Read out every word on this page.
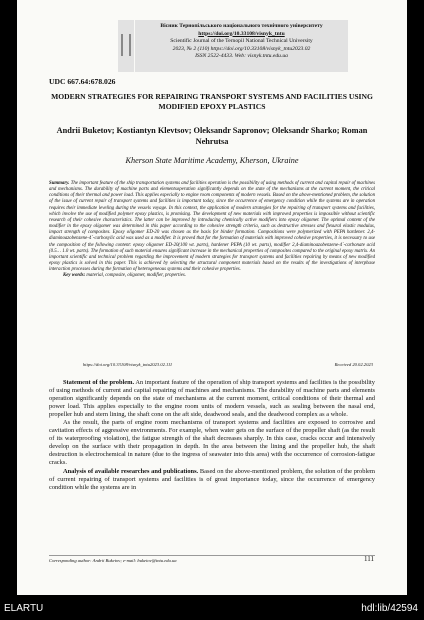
Вісник Тернопільського національного технічного університету
https://doi.org/10.33108/visnyk_tntu
Scientific Journal of the Ternopil National Technical University
2023, № 2 (110) https://doi.org/10.33108/visnyk_tntu2023.02
ISSN 2522-4433. Web: visnyk.tntu.edu.ua
UDC 667.64:678.026
MODERN STRATEGIES FOR REPAIRING TRANSPORT SYSTEMS AND FACILITIES USING MODIFIED EPOXY PLASTICS
Andrii Buketov; Kostiantyn Klevtsov; Oleksandr Sapronov; Oleksandr Sharko; Roman Nehrutsa
Kherson State Maritime Academy, Kherson, Ukraine
Summary. The important feature of the ship transportation systems and facilities operation is the possibility of using methods of current and capital repair of machines and mechanisms. The durability of machine parts and elementsoperation significantly depends on the state of the mechanisms at the current moment, the critical conditions of their thermal and power load. This applies especially to engine room components of modern vessels. Based on the above-mentioned problem, the solution of the issue of current repair of transport systems and facilities is important today, since the occurrence of emergency condition while the systems are in operation requires their immediate leveling during the vessels voyage. In this context, the application of modern strategies for the repairing of transport systems and facilities, which involve the use of modified polymer epoxy plastics, is promising. The development of new materials with improved properties is impossible without scientific research of their cohesive characteristics. The latter can be improved by introducing chemically active modifiers into epoxy oligomer. The optimal content of the modifier in the epoxy oligomer was determined in this paper according to the cohesive strength criteria, such as destructive stresses and flexural elastic modulus, impact strength of composites. Epoxy oligomer ED-20 was chosen as the basis for binder formation. Compositions were polymerized with PEPA hardener. 2,4-diaminoazobenzene-4`-carboxylic acid was used as a modifier. It is proved that for the formation of materials with improved cohesive properties, it is necessary to use the composition of the following content: epoxy oligomer ED-20(100 wt. parts), hardener PEPA (10 wt. parts), modifier 2,4-diaminoazobenzene-4`-carbonate acid (0.5… 1.0 wt. parts). The formation of such material ensures significant increase in the mechanical properties of composites compared to the original epoxy matrix. An important scientific and technical problem regarding the improvement of modern strategies for transport systems and facilities repairing by means of new modified epoxy plastics is solved in this paper. This is achieved by selecting the structural component materials based on the results of the investigations of interphase interaction processes during the formation of heterogeneous systems and their cohesive properties.
Key words: material, composite, oligomer, modifier, properties.
https://doi.org/10.33108/visnyk_tntu2023.02.111	Received 20.02.2023

Statement of the problem. An important feature of the operation of ship transport systems and facilities is the possibility of using methods of current and capital repairing of machines and mechanisms. The durability of machine parts and elements operation significantly depends on the state of mechanisms at the current moment, critical conditions of their thermal and power load. This applies especially to the engine room units of modern vessels, such as sealing between the nasal end, propeller hub and stern lining, the shaft cone on the aft side, deadwood seals, and the deadwood complex as a whole.

As the result, the parts of engine room mechanisms of transport systems and facilities are exposed to corrosive and cavitation effects of aggressive environments. For example, when water gets on the surface of the propeller shaft (as the result of its waterproofing violation), the fatigue strength of the shaft decreases sharply. In this case, cracks occur and intensively develop on the surface with their propagation in depth. In the area between the lining and the propeller hub, the shaft destruction is electrochemical in nature (due to the ingress of seawater into this area) with the occurrence of corrosion-fatigue cracks.

Analysis of available researches and publications. Based on the above-mentioned problem, the solution of the problem of current repairing of transport systems and facilities is of great importance today, since the occurrence of emergency condition while the systems are in

Corresponding author: Andrii Buketov; e-mail: buketov@tntu.edu.ua	111
ELARTU	hdl:lib/42594
